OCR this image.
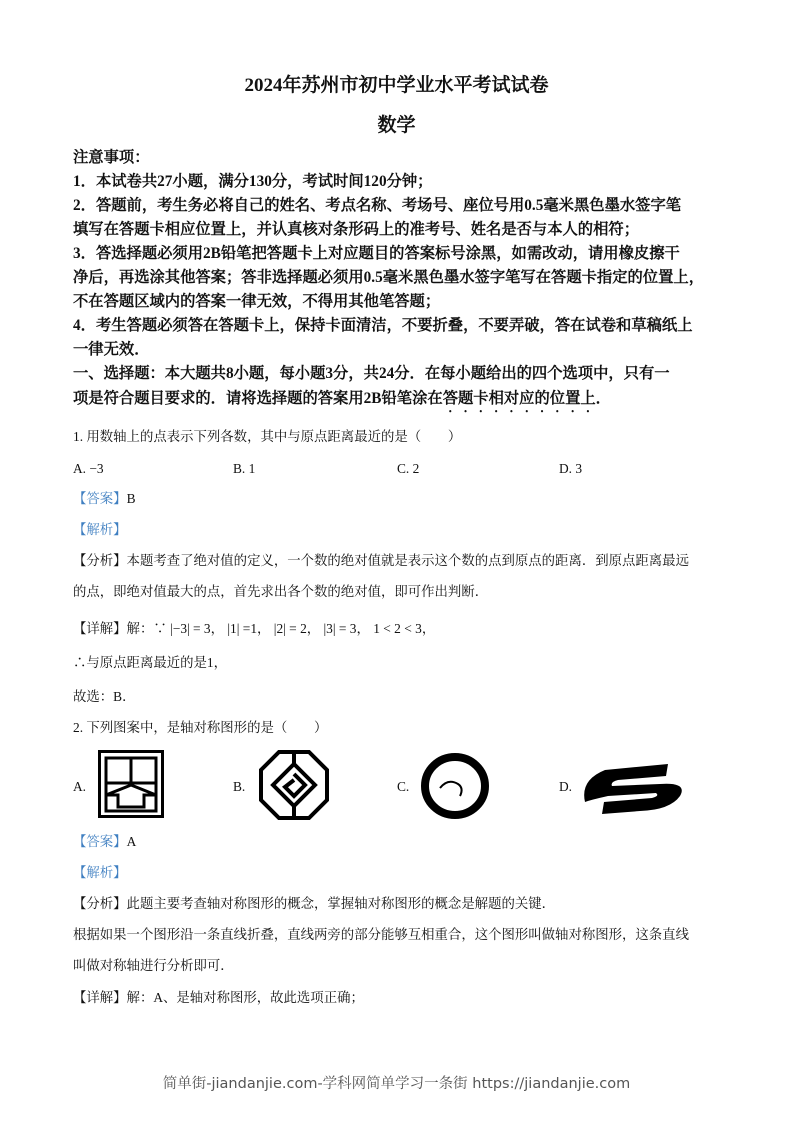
2024年苏州市初中学业水平考试试卷
数学
注意事项：
1．本试卷共27小题，满分130分，考试时间120分钟；
2．答题前，考生务必将自己的姓名、考点名称、考场号、座位号用0.5毫米黑色墨水签字笔
填写在答题卡相应位置上，并认真核对条形码上的准考号、姓名是否与本人的相符；
3．答选择题必须用2B铅笔把答题卡上对应题目的答案标号涂黑，如需改动，请用橡皮擦干
净后，再选涂其他答案；答非选择题必须用0.5毫米黑色墨水签字笔写在答题卡指定的位置上，
不在答题区域内的答案一律无效，不得用其他笔答题；
4．考生答题必须答在答题卡上，保持卡面清洁，不要折叠，不要弄破，答在试卷和草稿纸上
一律无效．
一、选择题：本大题共8小题，每小题3分，共24分．在每小题给出的四个选项中，只有一
项是符合题目要求的．请将选择题的答案用2B铅笔涂在答题卡相对应的位置上．
1. 用数轴上的点表示下列各数，其中与原点距离最近的是（　　）
A. −3	B. 1	C. 2	D. 3
【答案】B
【解析】
【分析】本题考查了绝对值的定义，一个数的绝对值就是表示这个数的点到原点的距离．到原点距离最远
的点，即绝对值最大的点，首先求出各个数的绝对值，即可作出判断．
【详解】解：∵ |−3| = 3， |1| =1， |2| = 2， |3| = 3， 1 < 2 < 3，
∴与原点距离最近的是1，
故选：B．
2. 下列图案中，是轴对称图形的是（　　）
A.	B.	C.	D.
【答案】A
【解析】
【分析】此题主要考查轴对称图形的概念，掌握轴对称图形的概念是解题的关键．
根据如果一个图形沿一条直线折叠，直线两旁的部分能够互相重合，这个图形叫做轴对称图形，这条直线
叫做对称轴进行分析即可．
【详解】解：A、是轴对称图形，故此选项正确；
简单街-jiandanjie.com-学科网简单学习一条街 https://jiandanjie.com
